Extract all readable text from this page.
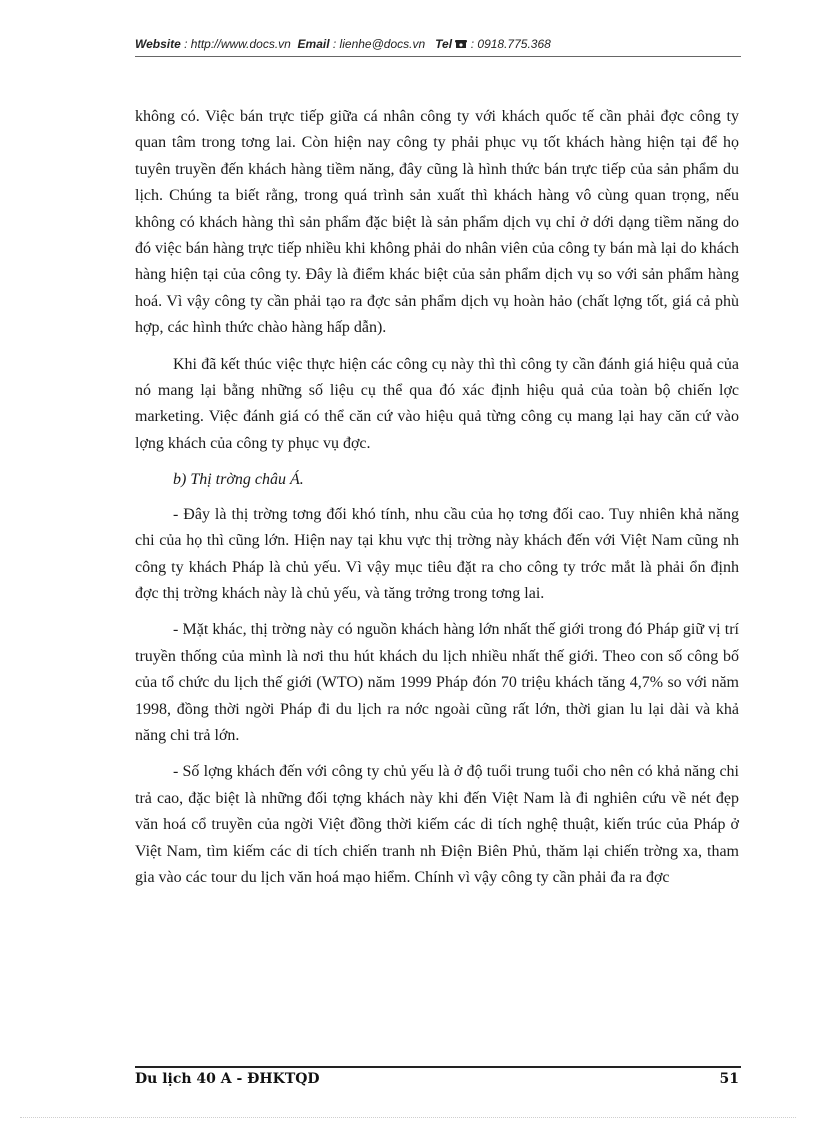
Website : http://www.docs.vn Email : lienhe@docs.vn Tel : 0918.775.368

không có. Việc bán trực tiếp giữa cá nhân công ty với khách quốc tế cần phải đợc công ty quan tâm trong tơng lai. Còn hiện nay công ty phải phục vụ tốt khách hàng hiện tại để họ tuyên truyền đến khách hàng tiềm năng, đây cũng là hình thức bán trực tiếp của sản phẩm du lịch. Chúng ta biết rằng, trong quá trình sản xuất thì khách hàng vô cùng quan trọng, nếu không có khách hàng thì sản phẩm đặc biệt là sản phẩm dịch vụ chỉ ở dới dạng tiềm năng do đó việc bán hàng trực tiếp nhiều khi không phải do nhân viên của công ty bán mà lại do khách hàng hiện tại của công ty. Đây là điểm khác biệt của sản phẩm dịch vụ so với sản phẩm hàng hoá. Vì vậy công ty cần phải tạo ra đợc sản phẩm dịch vụ hoàn hảo (chất lợng tốt, giá cả phù hợp, các hình thức chào hàng hấp dẫn).

Khi đã kết thúc việc thực hiện các công cụ này thì thì công ty cần đánh giá hiệu quả của nó mang lại bằng những số liệu cụ thể qua đó xác định hiệu quả của toàn bộ chiến lợc marketing. Việc đánh giá có thể căn cứ vào hiệu quả từng công cụ mang lại hay căn cứ vào lợng khách của công ty phục vụ đợc.

b) Thị trờng châu Á.

- Đây là thị trờng tơng đối khó tính, nhu cầu của họ tơng đối cao. Tuy nhiên khả năng chi của họ thì cũng lớn. Hiện nay tại khu vực thị trờng này khách đến với Việt Nam cũng nh công ty khách Pháp là chủ yếu. Vì vậy mục tiêu đặt ra cho công ty trớc mắt là phải ổn định đợc thị trờng khách này là chủ yếu, và tăng trởng trong tơng lai.

- Mặt khác, thị trờng này có nguồn khách hàng lớn nhất thế giới trong đó Pháp giữ vị trí truyền thống của mình là nơi thu hút khách du lịch nhiều nhất thế giới. Theo con số công bố của tổ chức du lịch thế giới (WTO) năm 1999 Pháp đón 70 triệu khách tăng 4,7% so với năm 1998, đồng thời ngời Pháp đi du lịch ra nớc ngoài cũng rất lớn, thời gian lu lại dài và khả năng chi trả lớn.

- Số lợng khách đến với công ty chủ yếu là ở độ tuổi trung tuổi cho nên có khả năng chi trả cao, đặc biệt là những đối tợng khách này khi đến Việt Nam là đi nghiên cứu về nét đẹp văn hoá cổ truyền của ngời Việt đồng thời kiếm các di tích nghệ thuật, kiến trúc của Pháp ở Việt Nam, tìm kiếm các di tích chiến tranh nh Điện Biên Phủ, thăm lại chiến trờng xa, tham gia vào các tour du lịch văn hoá mạo hiểm. Chính vì vậy công ty cần phải đa ra đợc

Du lịch 40 A - ĐHKTQD	51
